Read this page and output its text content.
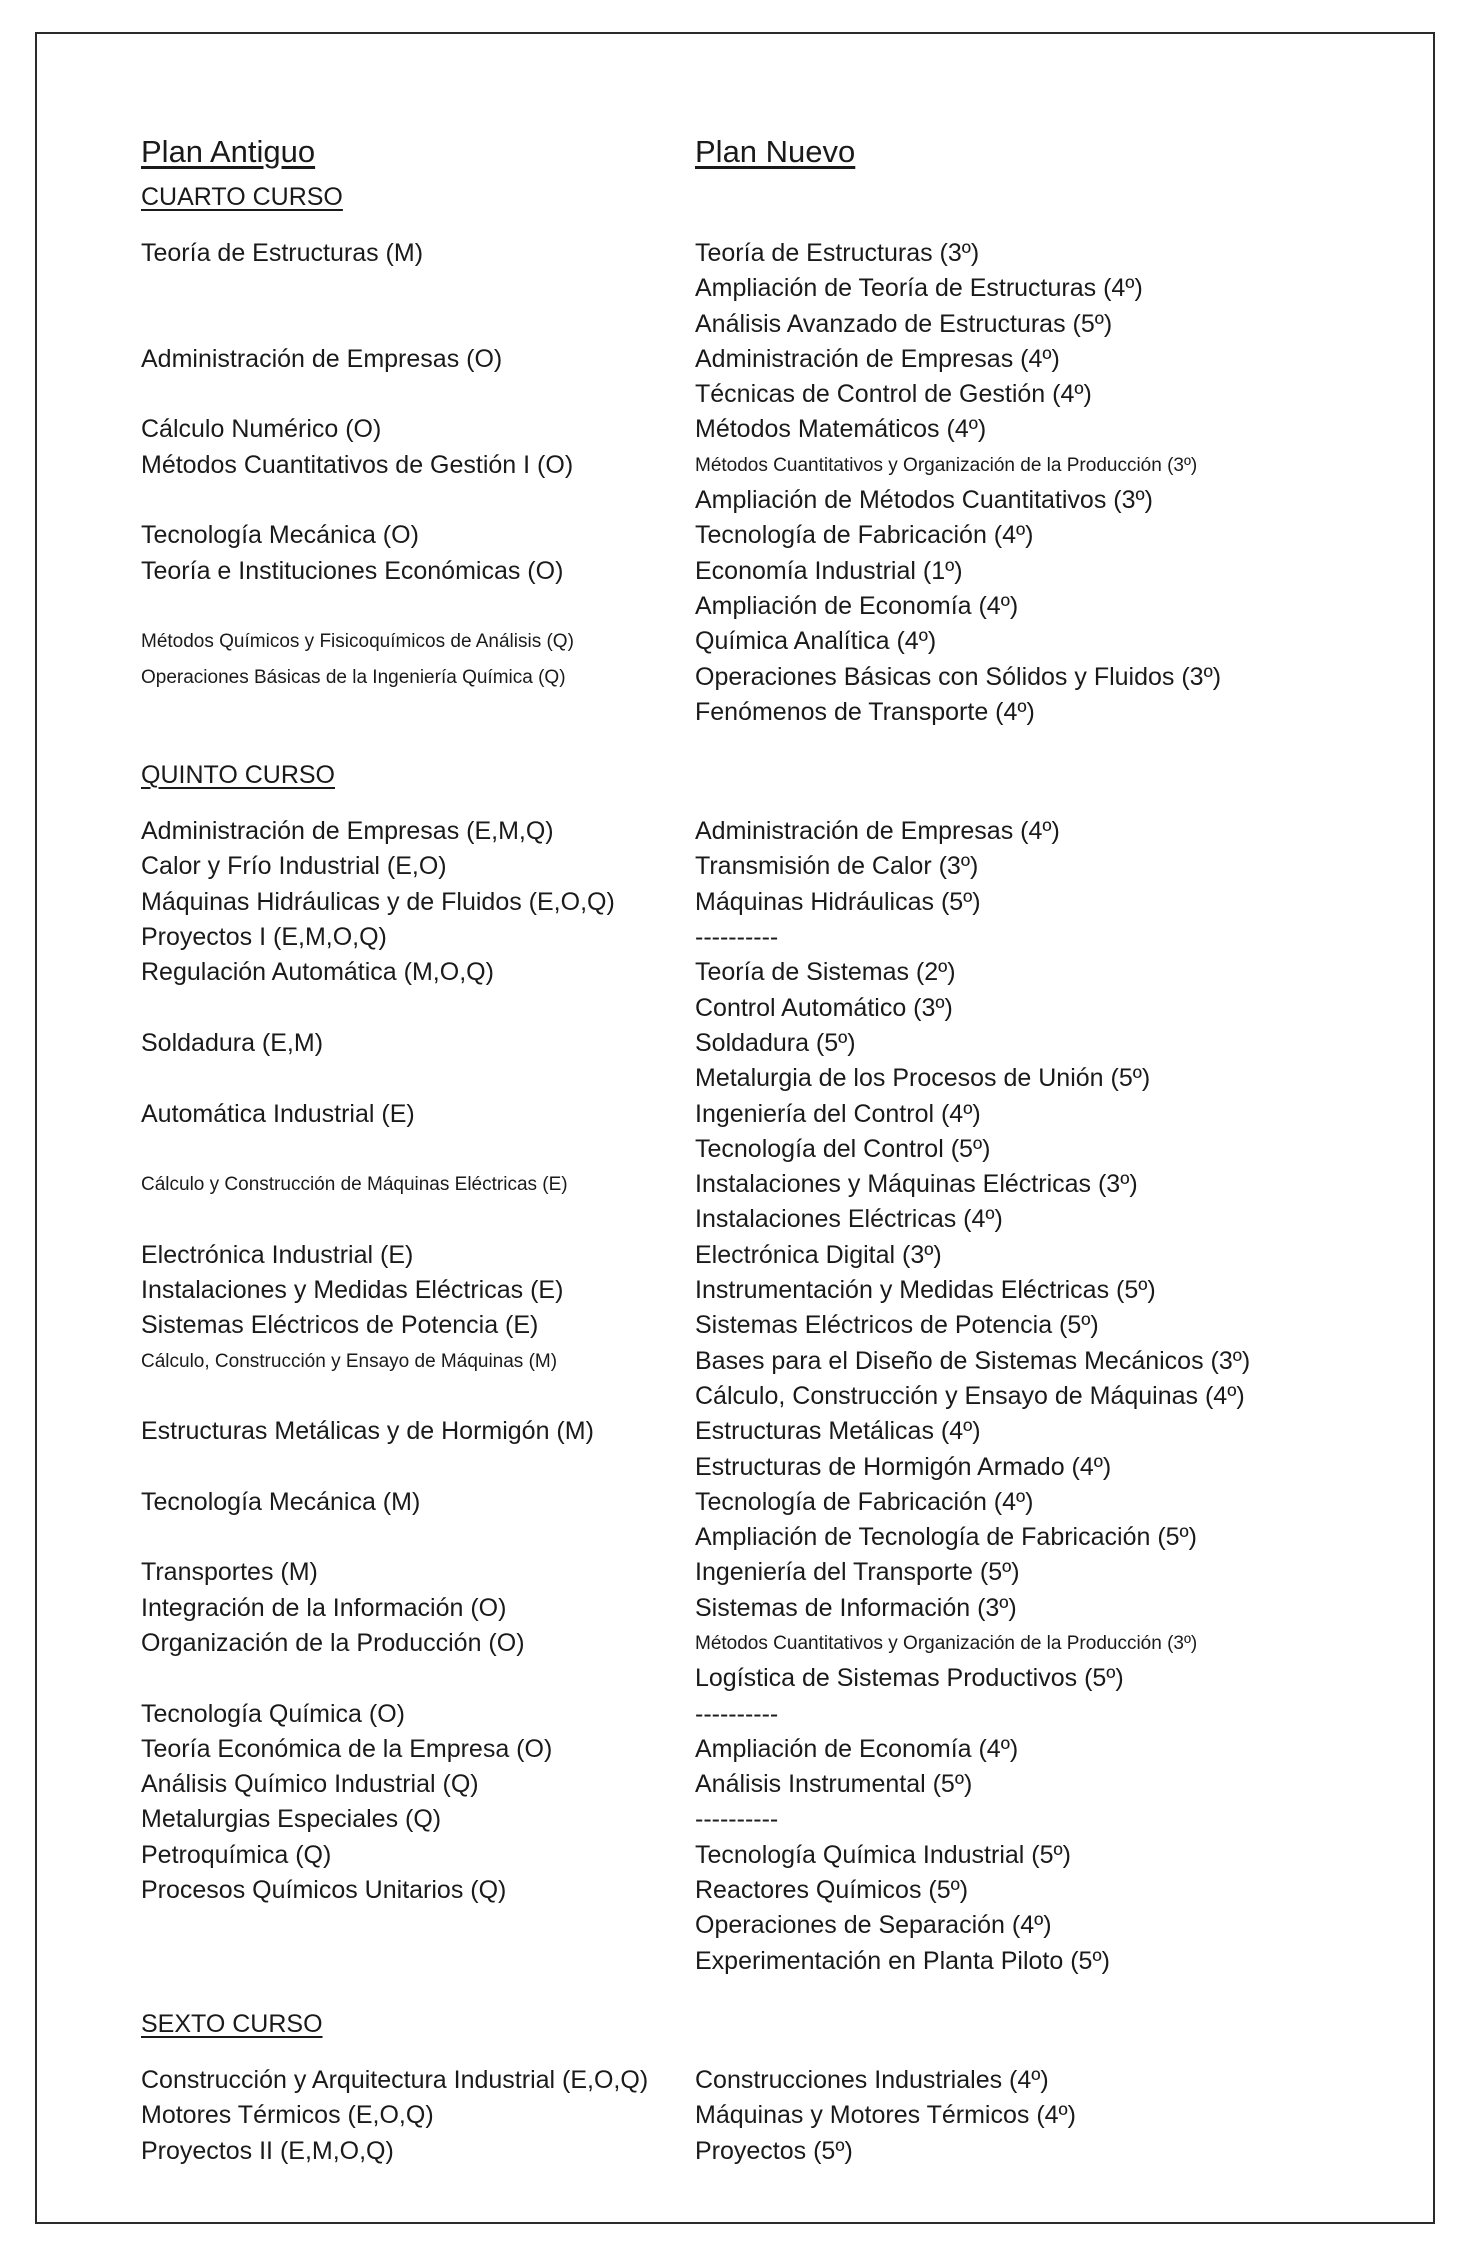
Plan Antiguo	Plan Nuevo
CUARTO CURSO
Teoría de Estructuras (M)	Teoría de Estructuras (3º)
Ampliación de Teoría de Estructuras (4º)
Análisis Avanzado de Estructuras (5º)
Administración de Empresas (O)	Administración de Empresas (4º)
Técnicas de Control de Gestión (4º)
Cálculo Numérico (O)	Métodos Matemáticos (4º)
Métodos Cuantitativos de Gestión I (O)	Métodos Cuantitativos y Organización de la Producción (3º)
Ampliación de Métodos Cuantitativos (3º)
Tecnología Mecánica (O)	Tecnología de Fabricación (4º)
Teoría e Instituciones Económicas (O)	Economía Industrial (1º)
Ampliación de Economía (4º)
Métodos Químicos y Fisicoquímicos de Análisis (Q)	Química Analítica (4º)
Operaciones Básicas de la Ingeniería Química (Q)	Operaciones Básicas con Sólidos y Fluidos (3º)
Fenómenos de Transporte (4º)
QUINTO CURSO
Administración de Empresas (E,M,Q)	Administración de Empresas (4º)
Calor y Frío Industrial (E,O)	Transmisión de Calor (3º)
Máquinas Hidráulicas y de Fluidos (E,O,Q)	Máquinas Hidráulicas (5º)
Proyectos I (E,M,O,Q)	----------
Regulación Automática (M,O,Q)	Teoría de Sistemas (2º)
Control Automático (3º)
Soldadura (E,M)	Soldadura (5º)
Metalurgia de los Procesos de Unión (5º)
Automática Industrial (E)	Ingeniería del Control (4º)
Tecnología del Control (5º)
Cálculo y Construcción de Máquinas Eléctricas (E)	Instalaciones y Máquinas Eléctricas (3º)
Instalaciones Eléctricas (4º)
Electrónica Industrial (E)	Electrónica Digital (3º)
Instalaciones y Medidas Eléctricas (E)	Instrumentación y Medidas Eléctricas (5º)
Sistemas Eléctricos de Potencia (E)	Sistemas Eléctricos de Potencia (5º)
Cálculo, Construcción y Ensayo de Máquinas (M)	Bases para el Diseño de Sistemas Mecánicos (3º)
Cálculo, Construcción y Ensayo de Máquinas (4º)
Estructuras Metálicas y de Hormigón (M)	Estructuras Metálicas (4º)
Estructuras de Hormigón Armado (4º)
Tecnología Mecánica (M)	Tecnología de Fabricación (4º)
Ampliación de Tecnología de Fabricación (5º)
Transportes (M)	Ingeniería del Transporte (5º)
Integración de la Información (O)	Sistemas de Información (3º)
Organización de la Producción (O)	Métodos Cuantitativos y Organización de la Producción (3º)
Logística de Sistemas Productivos (5º)
Tecnología Química (O)	----------
Teoría Económica de la Empresa (O)	Ampliación de Economía (4º)
Análisis Químico Industrial (Q)	Análisis Instrumental (5º)
Metalurgias Especiales (Q)	----------
Petroquímica (Q)	Tecnología Química Industrial (5º)
Procesos Químicos Unitarios (Q)	Reactores Químicos (5º)
Operaciones de Separación (4º)
Experimentación en Planta Piloto (5º)
SEXTO CURSO
Construcción y Arquitectura Industrial (E,O,Q) Construcciones Industriales (4º)
Motores Térmicos (E,O,Q)	Máquinas y Motores Térmicos (4º)
Proyectos II (E,M,O,Q)	Proyectos (5º)
